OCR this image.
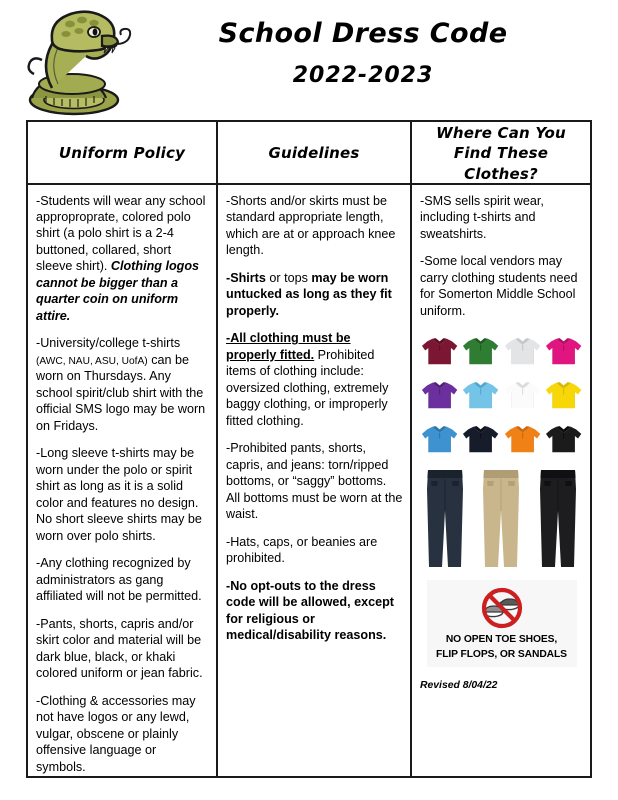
School Dress Code
2022-2023
Uniform Policy

-Students will wear any school approproprate, colored polo shirt (a polo shirt is a 2-4 buttoned, collared, short sleeve shirt). Clothing logos cannot be bigger than a quarter coin on uniform attire.

-University/college t-shirts (AWC, NAU, ASU, UofA) can be worn on Thursdays. Any school spirit/club shirt with the official SMS logo may be worn on Fridays.

-Long sleeve t-shirts may be worn under the polo or spirit shirt as long as it is a solid color and features no design. No short sleeve shirts may be worn over polo shirts.

-Any clothing recognized by administrators as gang affiliated will not be permitted.

-Pants, shorts, capris and/or skirt color and material will be dark blue, black, or khaki colored uniform or jean fabric.

-Clothing & accessories may not have logos or any lewd, vulgar, obscene or plainly offensive language or symbols.

Guidelines

-Shorts and/or skirts must be standard appropriate length, which are at or approach knee length.

-Shirts or tops may be worn untucked as long as they fit properly.

-All clothing must be properly fitted. Prohibited items of clothing include: oversized clothing, extremely baggy clothing, or improperly fitted clothing.

-Prohibited pants, shorts, capris, and jeans: torn/ripped bottoms, or “saggy” bottoms. All bottoms must be worn at the waist.

-Hats, caps, or beanies are prohibited.

-No opt-outs to the dress code will be allowed, except for religious or medical/disability reasons.

Where Can You Find These Clothes?

-SMS sells spirit wear, including t-shirts and sweatshirts.

-Some local vendors may carry clothing students need for Somerton Middle School uniform.

NO OPEN TOE SHOES,
FLIP FLOPS, OR SANDALS
Revised 8/04/22
